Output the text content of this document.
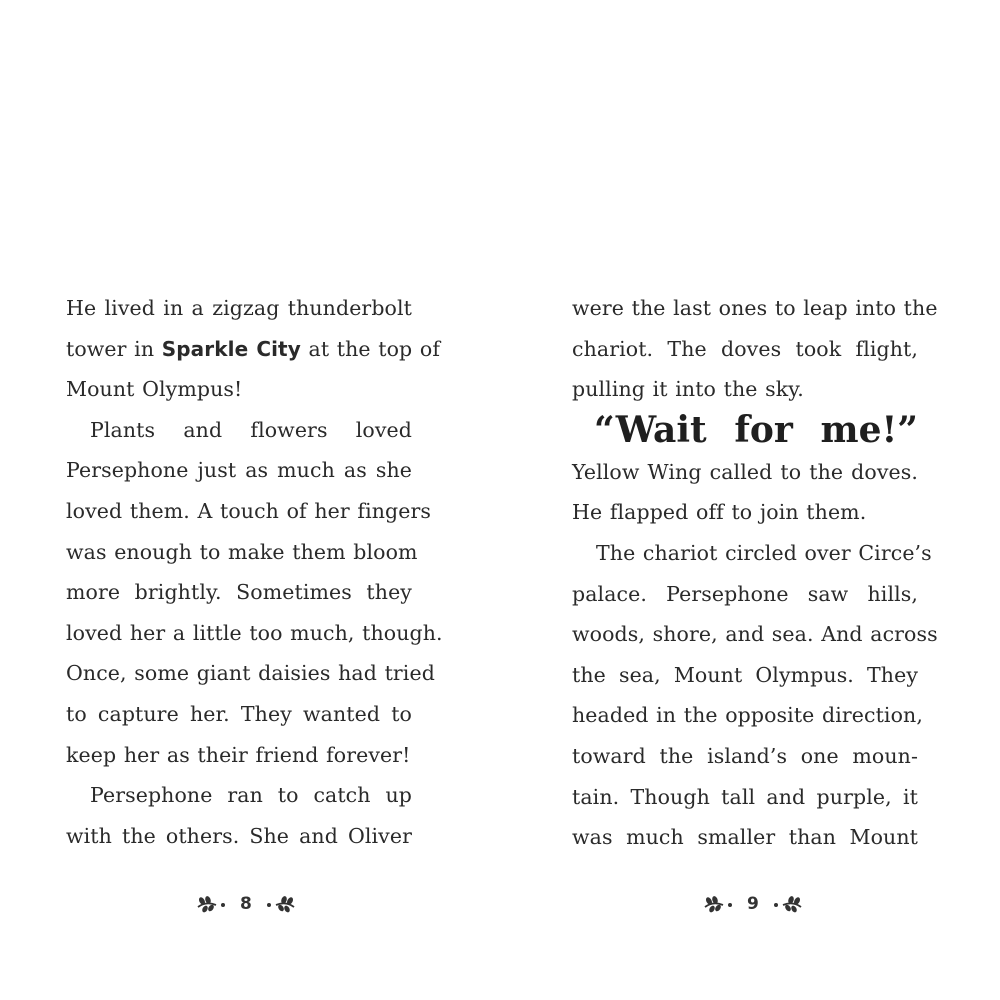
He lived in a zigzag thunderbolt
tower in Sparkle City at the top of
Mount Olympus!
Plants and flowers loved
Persephone just as much as she
loved them. A touch of her fingers
was enough to make them bloom
more brightly. Sometimes they
loved her a little too much, though.
Once, some giant daisies had tried
to capture her. They wanted to
keep her as their friend forever!
Persephone ran to catch up
with the others. She and Oliver
were the last ones to leap into the
chariot. The doves took flight,
pulling it into the sky.
“Wait for me!”
Yellow Wing called to the doves.
He flapped off to join them.
The chariot circled over Circe’s
palace. Persephone saw hills,
woods, shore, and sea. And across
the sea, Mount Olympus. They
headed in the opposite direction,
toward the island’s one moun-
tain. Though tall and purple, it
was much smaller than Mount
8	9
